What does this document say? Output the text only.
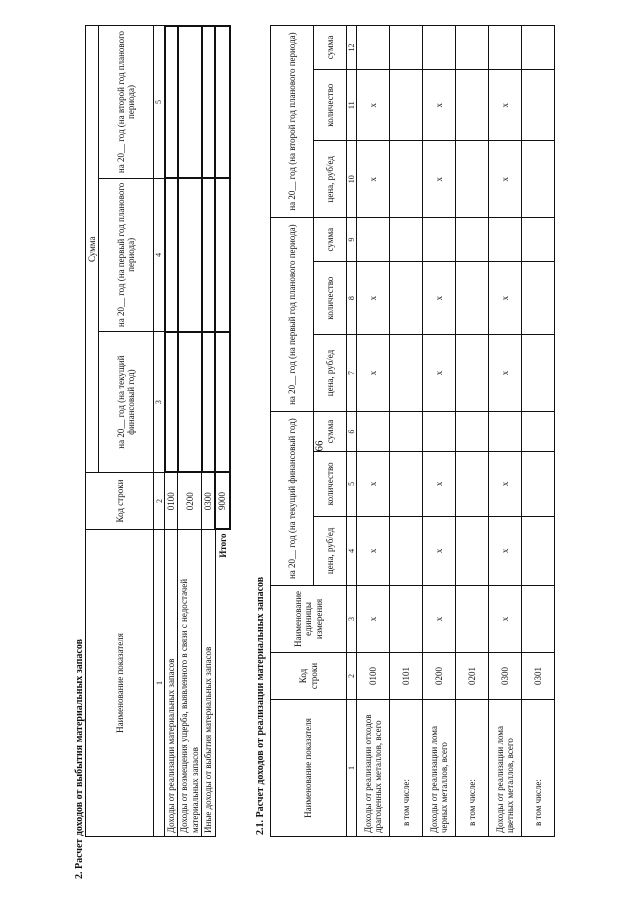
66
2. Расчет доходов от выбытия материальных запасов	Наименование показателя	Код строки	Сумма		
		на 20__ год (на текущий финансовый год)	на 20__ год (на первый год планового периода)	на 20__ год (на второй год планового периода)
1	2	3	4	5
Доходы от реализации материальных запасов	0100			
Доходы от возмещения ущерба, выявленного в связи с недостачей материальных запасов	0200			
Иные доходы от выбытия материальных запасов	0300			
Итого	9000			
2.1. Расчет доходов от реализации материальных запасов	Наименование показателя	Код строки	Наименование единицы измерения	на 20__ год (на текущий финансовый год)			на 20__ год (на первый год планового периода)			на 20__ год (на второй год планового периода)		
			цена, руб/ед	количество	сумма	цена, руб/ед	количество	сумма	цена, руб/ед	количество	сумма
1	2	3	4	5	6	7	8	9	10	11	12
Доходы от реализации отходов драгоценных металлов, всего	0100	x	x	x		x	x		x	x	
в том числе:	0101										
Доходы от реализации лома черных металлов, всего	0200	x	x	x		x	x		x	x	
в том числе:	0201										
Доходы от реализации лома цветных металлов, всего	0300	x	x	x		x	x		x	x	
в том числе:	0301										
